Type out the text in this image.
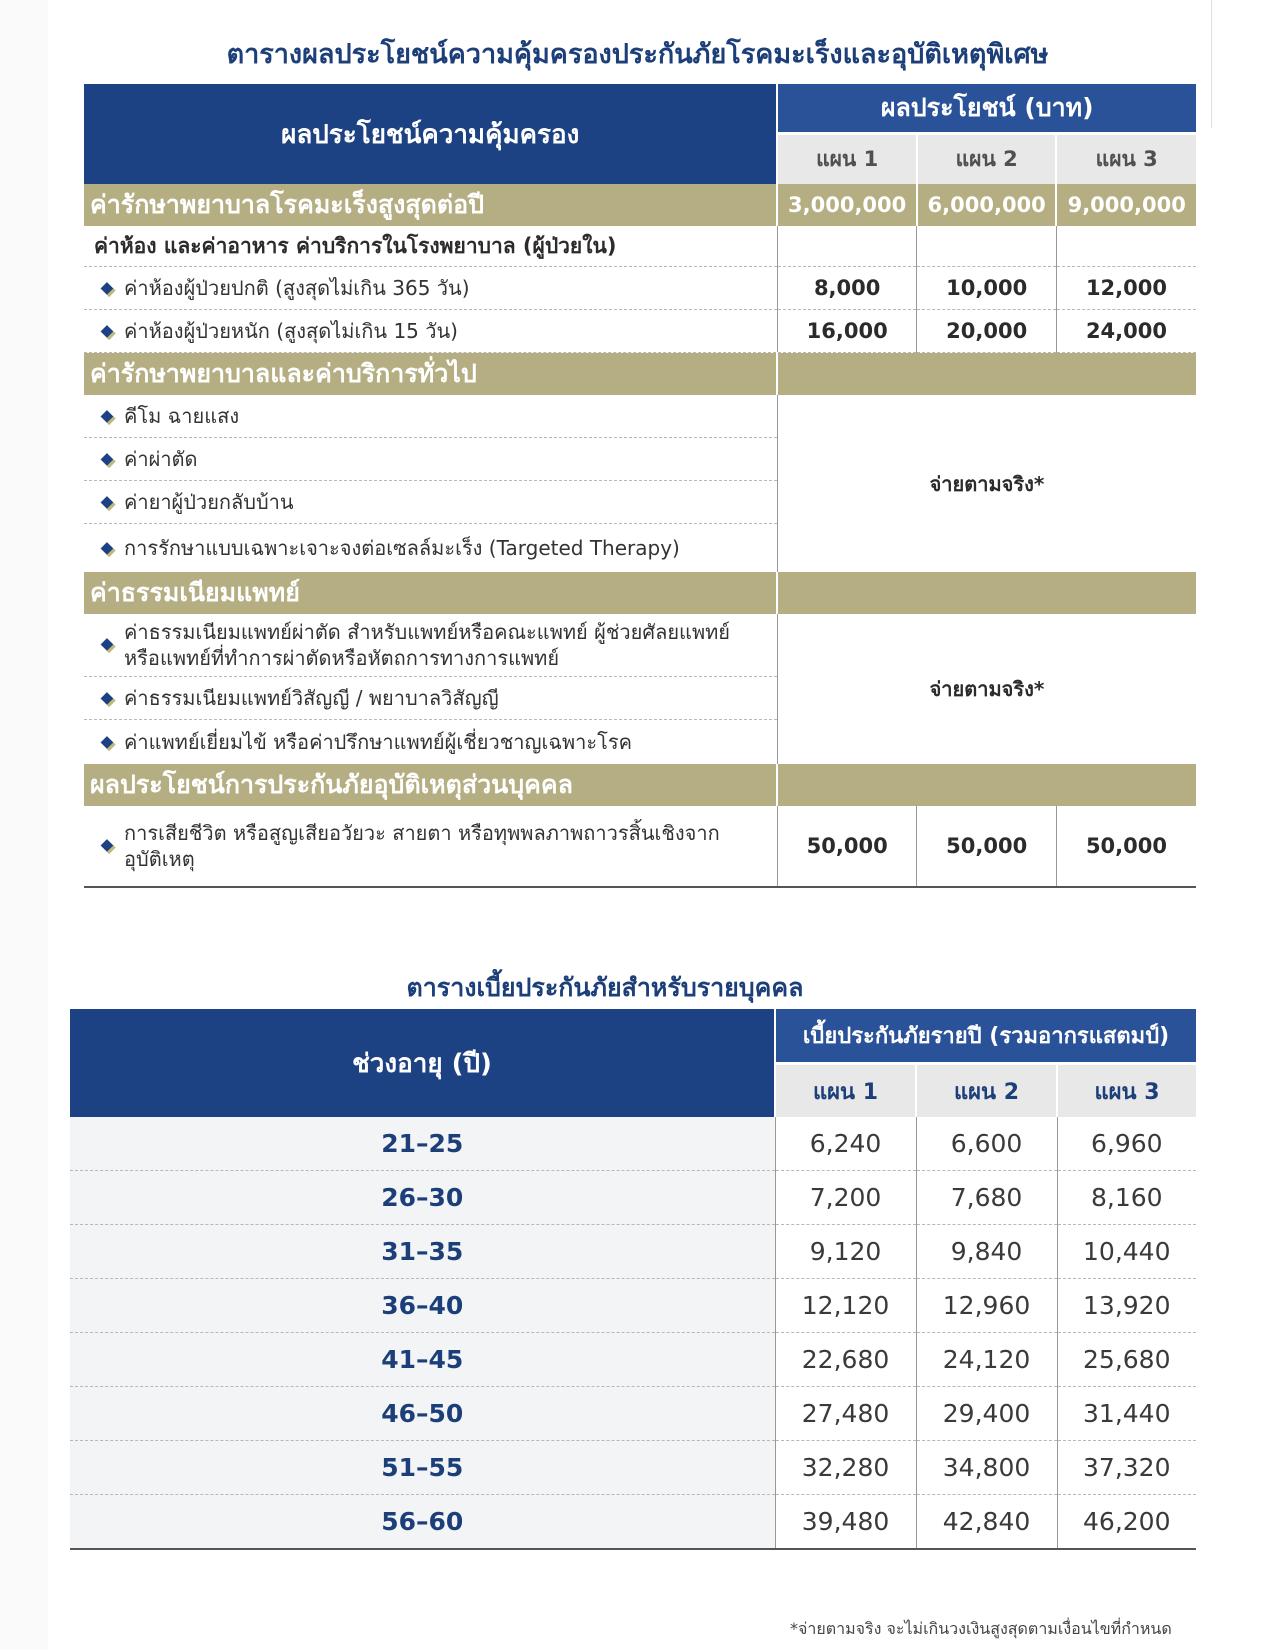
ตารางผลประโยชน์ความคุ้มครองประกันภัยโรคมะเร็งและอุบัติเหตุพิเศษ
ผลประโยชน์ความคุ้มครอง	ผลประโยชน์ (บาท)		
	แผน 1	แผน 2	แผน 3
ค่ารักษาพยาบาลโรคมะเร็งสูงสุดต่อปี	3,000,000	6,000,000	9,000,000
ค่าห้อง และค่าอาหาร ค่าบริการในโรงพยาบาล (ผู้ป่วยใน)			
ค่าห้องผู้ป่วยปกติ (สูงสุดไม่เกิน 365 วัน)	8,000	10,000	12,000
ค่าห้องผู้ป่วยหนัก (สูงสุดไม่เกิน 15 วัน)	16,000	20,000	24,000
ค่ารักษาพยาบาลและค่าบริการทั่วไป			
คีโม ฉายแสง	จ่ายตามจริง*		
ค่าผ่าตัด			
ค่ายาผู้ป่วยกลับบ้าน			
การรักษาแบบเฉพาะเจาะจงต่อเซลล์มะเร็ง (Targeted Therapy)			
ค่าธรรมเนียมแพทย์			
ค่าธรรมเนียมแพทย์ผ่าตัด สำหรับแพทย์หรือคณะแพทย์ ผู้ช่วยศัลยแพทย์ หรือแพทย์ที่ทำการผ่าตัดหรือหัตถการทางการแพทย์	จ่ายตามจริง*		
ค่าธรรมเนียมแพทย์วิสัญญี / พยาบาลวิสัญญี			
ค่าแพทย์เยี่ยมไข้ หรือค่าปรึกษาแพทย์ผู้เชี่ยวชาญเฉพาะโรค			
ผลประโยชน์การประกันภัยอุบัติเหตุส่วนบุคคล			
การเสียชีวิต หรือสูญเสียอวัยวะ สายตา หรือทุพพลภาพถาวรสิ้นเชิงจาก อุบัติเหตุ	50,000	50,000	50,000
ตารางเบี้ยประกันภัยสำหรับรายบุคคล
ช่วงอายุ (ปี)	เบี้ยประกันภัยรายปี (รวมอากรแสตมป์)		
	แผน 1	แผน 2	แผน 3
21–25	6,240	6,600	6,960
26–30	7,200	7,680	8,160
31–35	9,120	9,840	10,440
36–40	12,120	12,960	13,920
41–45	22,680	24,120	25,680
46–50	27,480	29,400	31,440
51–55	32,280	34,800	37,320
56–60	39,480	42,840	46,200
*จ่ายตามจริง จะไม่เกินวงเงินสูงสุดตามเงื่อนไขที่กำหนด
